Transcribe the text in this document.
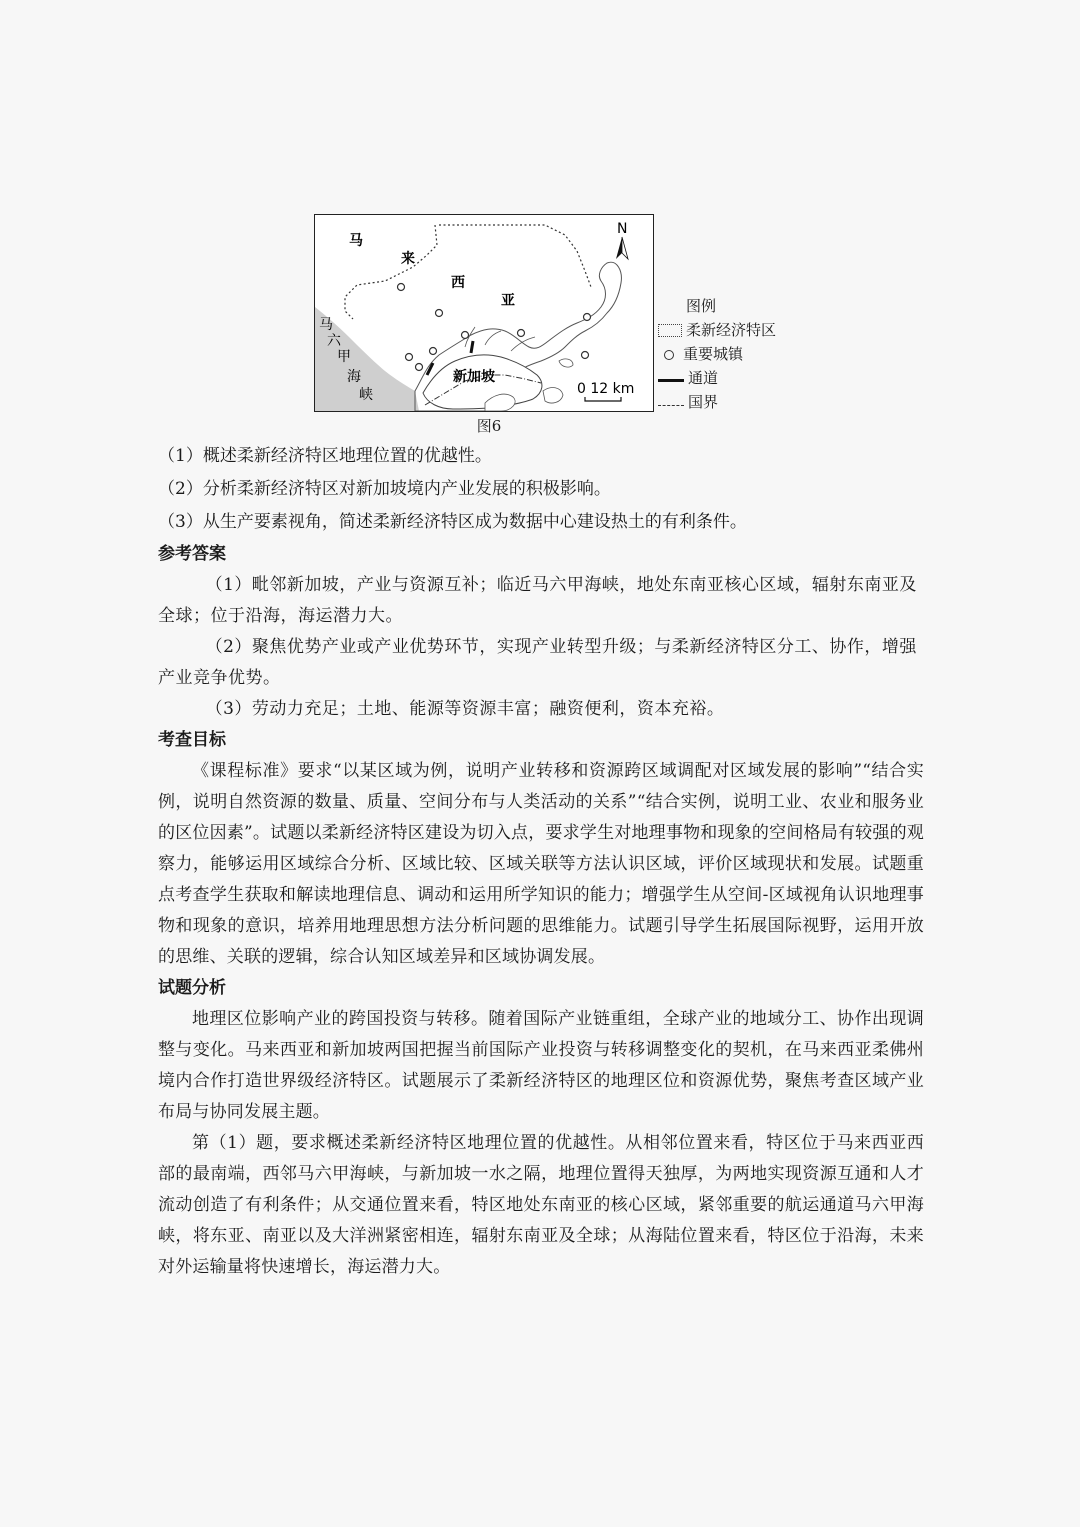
马
来
西
亚
马
六
甲
海
峡
新加坡
N
0 12 km
图例
柔新经济特区
重要城镇
通道
国界
图6

（1）概述柔新经济特区地理位置的优越性。

（2）分析柔新经济特区对新加坡境内产业发展的积极影响。

（3）从生产要素视角，简述柔新经济特区成为数据中心建设热土的有利条件。

参考答案

（1）毗邻新加坡，产业与资源互补；临近马六甲海峡，地处东南亚核心区域，辐射东南亚及全球；位于沿海，海运潜力大。

（2）聚焦优势产业或产业优势环节，实现产业转型升级；与柔新经济特区分工、协作，增强产业竞争优势。

（3）劳动力充足；土地、能源等资源丰富；融资便利，资本充裕。

考查目标

《课程标准》要求“以某区域为例，说明产业转移和资源跨区域调配对区域发展的影响”“结合实例，说明自然资源的数量、质量、空间分布与人类活动的关系”“结合实例，说明工业、农业和服务业的区位因素”。试题以柔新经济特区建设为切入点，要求学生对地理事物和现象的空间格局有较强的观察力，能够运用区域综合分析、区域比较、区域关联等方法认识区域，评价区域现状和发展。试题重点考查学生获取和解读地理信息、调动和运用所学知识的能力；增强学生从空间-区域视角认识地理事物和现象的意识，培养用地理思想方法分析问题的思维能力。试题引导学生拓展国际视野，运用开放的思维、关联的逻辑，综合认知区域差异和区域协调发展。

试题分析

地理区位影响产业的跨国投资与转移。随着国际产业链重组，全球产业的地域分工、协作出现调整与变化。马来西亚和新加坡两国把握当前国际产业投资与转移调整变化的契机，在马来西亚柔佛州境内合作打造世界级经济特区。试题展示了柔新经济特区的地理区位和资源优势，聚焦考查区域产业布局与协同发展主题。

第（1）题，要求概述柔新经济特区地理位置的优越性。从相邻位置来看，特区位于马来西亚西部的最南端，西邻马六甲海峡，与新加坡一水之隔，地理位置得天独厚，为两地实现资源互通和人才流动创造了有利条件；从交通位置来看，特区地处东南亚的核心区域，紧邻重要的航运通道马六甲海峡，将东亚、南亚以及大洋洲紧密相连，辐射东南亚及全球；从海陆位置来看，特区位于沿海，未来对外运输量将快速增长，海运潜力大。
